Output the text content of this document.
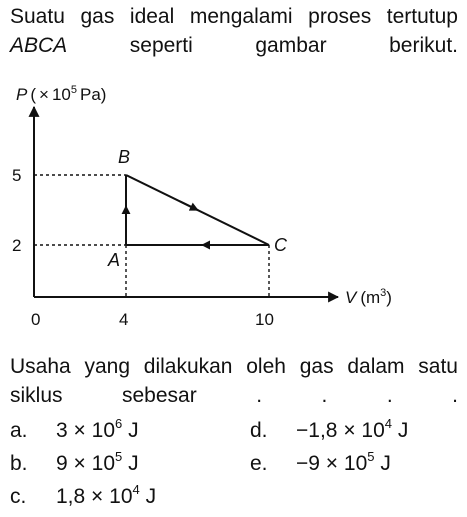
Suatu gas ideal mengalami proses tertutup ABCA	seperti gambar berikut.
P ( × $10^5$ Pa)
V $(m^3)$
0	4	10
5
2
B
A
C
Usaha yang dilakukan oleh gas dalam satu siklus sebesar . . . .
a. $3 \times 10^6$ J	d. $-1,8 \times 10^4$ J
b. $9 \times 10^5$ J	e. $-9 \times 10^5$ J
c. $1,8 \times 10^4$ J
